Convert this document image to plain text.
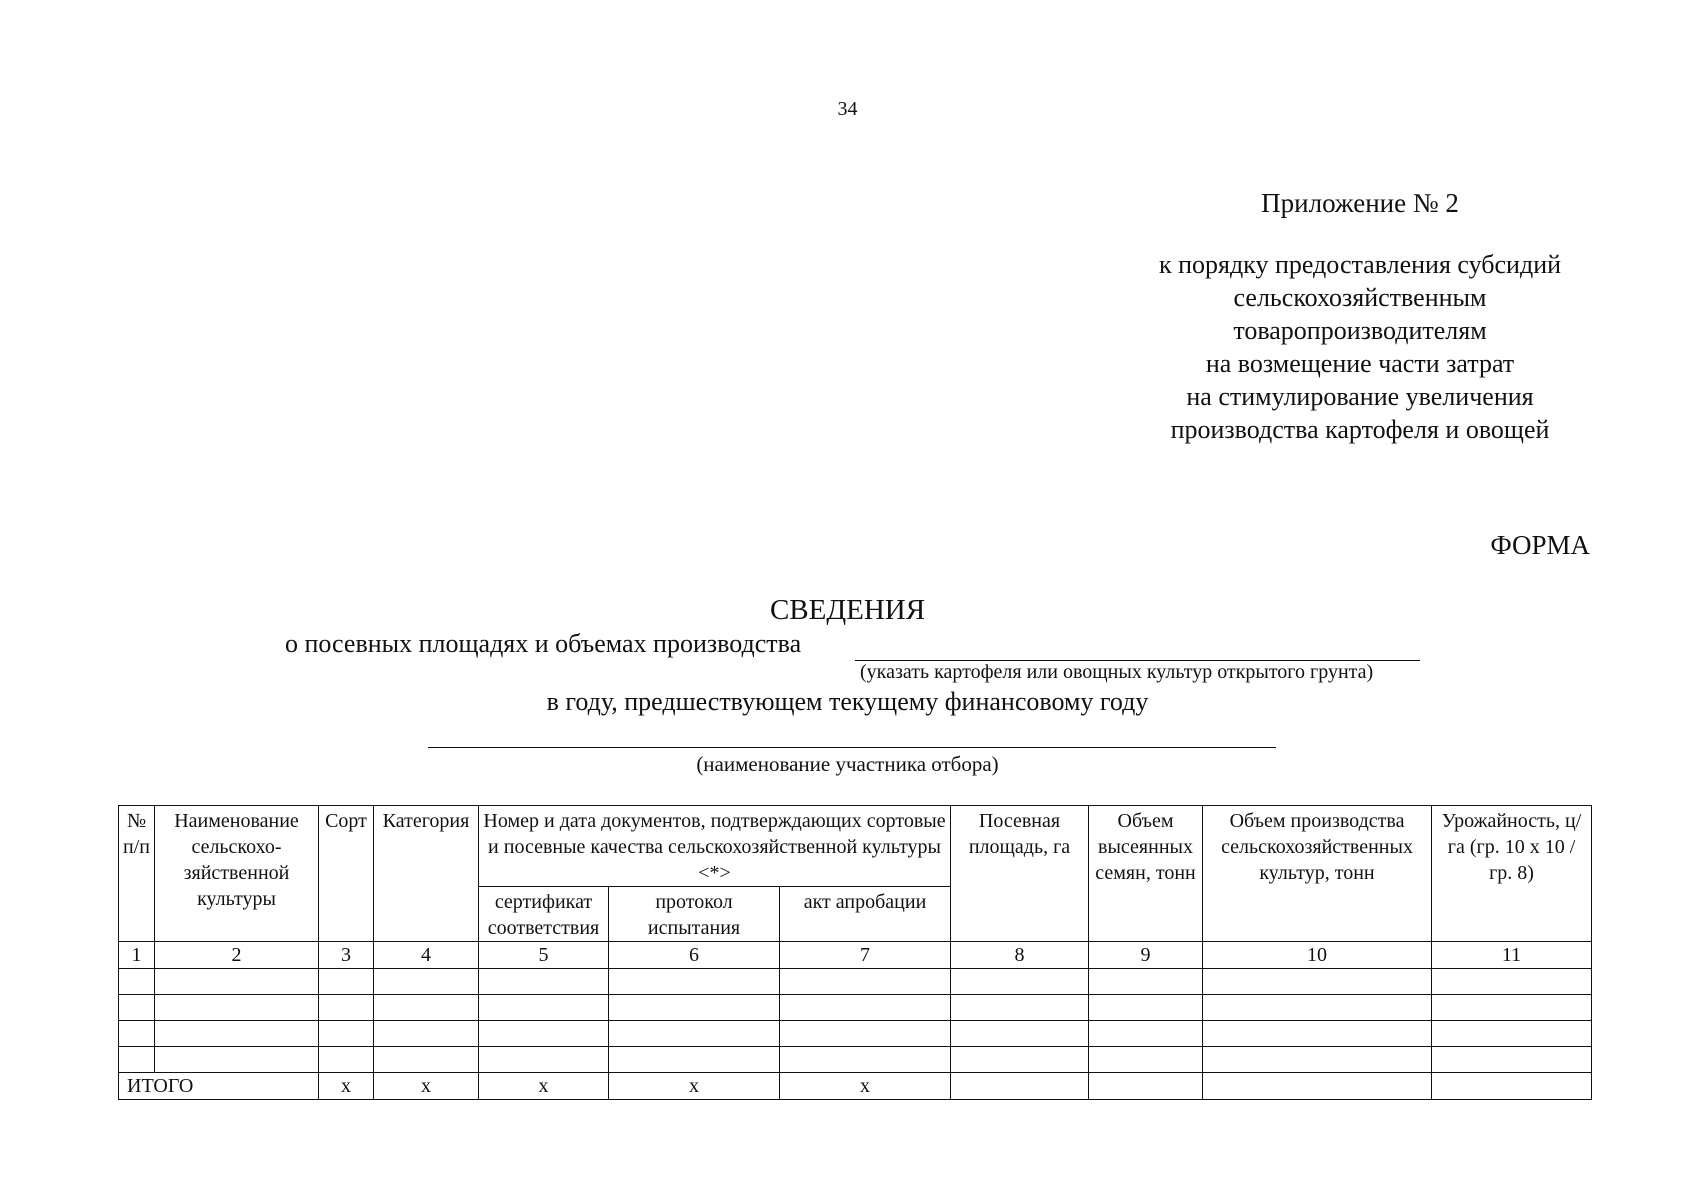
34
Приложение № 2
к порядку предоставления субсидий
сельскохозяйственным
товаропроизводителям
на возмещение части затрат
на стимулирование увеличения
производства картофеля и овощей
ФОРМА
СВЕДЕНИЯ
о посевных площадях и объемах производства
(указать картофеля или овощных культур открытого грунта)
в году, предшествующем текущему финансовому году
(наименование участника отбора)
№ п/п	Наименование сельскохо-зяйственной культуры	Сорт	Категория	Номер и дата документов, подтверждающих сортовые и посевные качества сельскохозяйственной культуры <*>			Посевная площадь, га	Объем высеянных семян, тонн	Объем производства сельскохозяйственных культур, тонн	Урожайность, ц/га (гр. 10 х 10 / гр. 8)
				сертификат соответствия	протокол испытания	акт апробации				
1	2	3	4	5	6	7	8	9	10	11

ИТОГО		х	х	х	х	х				
